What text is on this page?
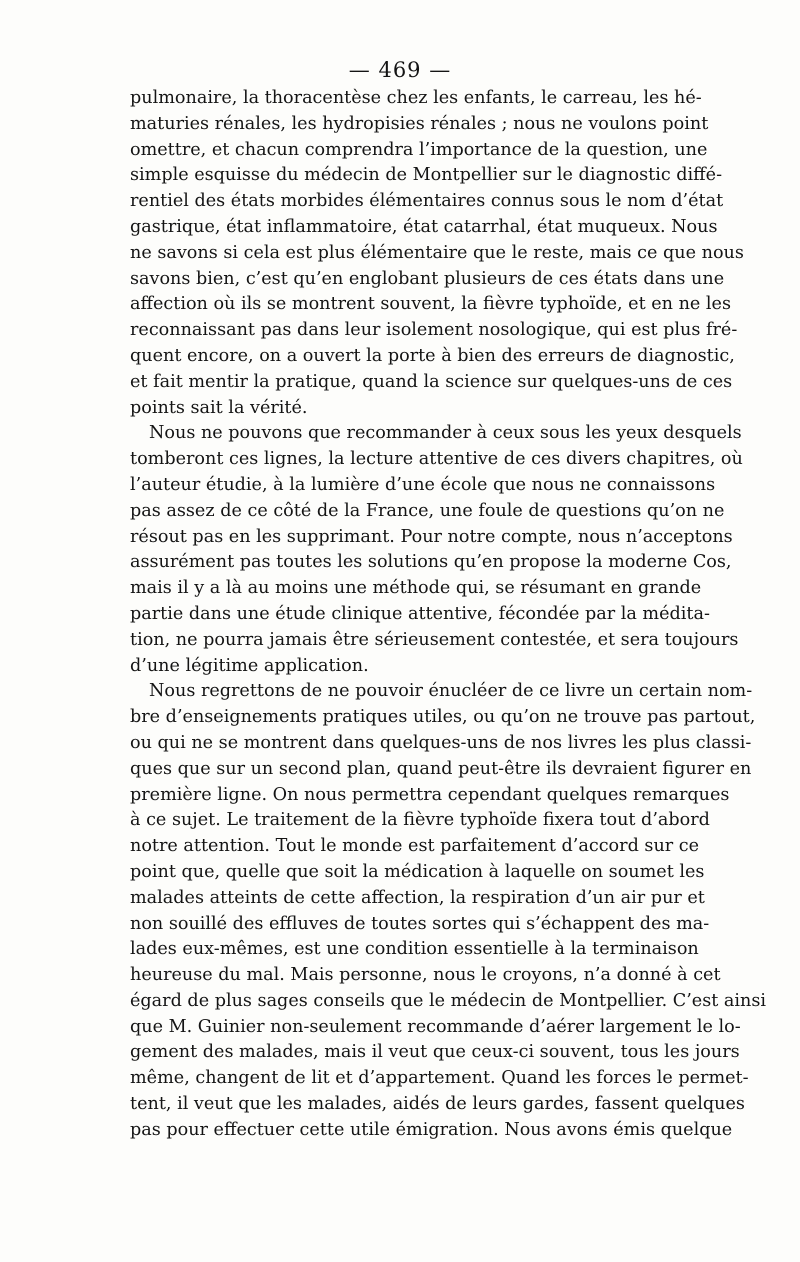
— 469 —

pulmonaire, la thoracentèse chez les enfants, le carreau, les hé-
maturies rénales, les hydropisies rénales ; nous ne voulons point
omettre, et chacun comprendra l’importance de la question, une
simple esquisse du médecin de Montpellier sur le diagnostic diffé-
rentiel des états morbides élémentaires connus sous le nom d’état
gastrique, état inflammatoire, état catarrhal, état muqueux. Nous
ne savons si cela est plus élémentaire que le reste, mais ce que nous
savons bien, c’est qu’en englobant plusieurs de ces états dans une
affection où ils se montrent souvent, la fièvre typhoïde, et en ne les
reconnaissant pas dans leur isolement nosologique, qui est plus fré-
quent encore, on a ouvert la porte à bien des erreurs de diagnostic,
et fait mentir la pratique, quand la science sur quelques-uns de ces
points sait la vérité.

Nous ne pouvons que recommander à ceux sous les yeux desquels
tomberont ces lignes, la lecture attentive de ces divers chapitres, où
l’auteur étudie, à la lumière d’une école que nous ne connaissons
pas assez de ce côté de la France, une foule de questions qu’on ne
résout pas en les supprimant. Pour notre compte, nous n’acceptons
assurément pas toutes les solutions qu’en propose la moderne Cos,
mais il y a là au moins une méthode qui, se résumant en grande
partie dans une étude clinique attentive, fécondée par la médita-
tion, ne pourra jamais être sérieusement contestée, et sera toujours
d’une légitime application.

Nous regrettons de ne pouvoir énucléer de ce livre un certain nom-
bre d’enseignements pratiques utiles, ou qu’on ne trouve pas partout,
ou qui ne se montrent dans quelques-uns de nos livres les plus classi-
ques que sur un second plan, quand peut-être ils devraient figurer en
première ligne. On nous permettra cependant quelques remarques
à ce sujet. Le traitement de la fièvre typhoïde fixera tout d’abord
notre attention. Tout le monde est parfaitement d’accord sur ce
point que, quelle que soit la médication à laquelle on soumet les
malades atteints de cette affection, la respiration d’un air pur et
non souillé des effluves de toutes sortes qui s’échappent des ma-
lades eux-mêmes, est une condition essentielle à la terminaison
heureuse du mal. Mais personne, nous le croyons, n’a donné à cet
égard de plus sages conseils que le médecin de Montpellier. C’est ainsi
que M. Guinier non-seulement recommande d’aérer largement le lo-
gement des malades, mais il veut que ceux-ci souvent, tous les jours
même, changent de lit et d’appartement. Quand les forces le permet-
tent, il veut que les malades, aidés de leurs gardes, fassent quelques
pas pour effectuer cette utile émigration. Nous avons émis quelque
